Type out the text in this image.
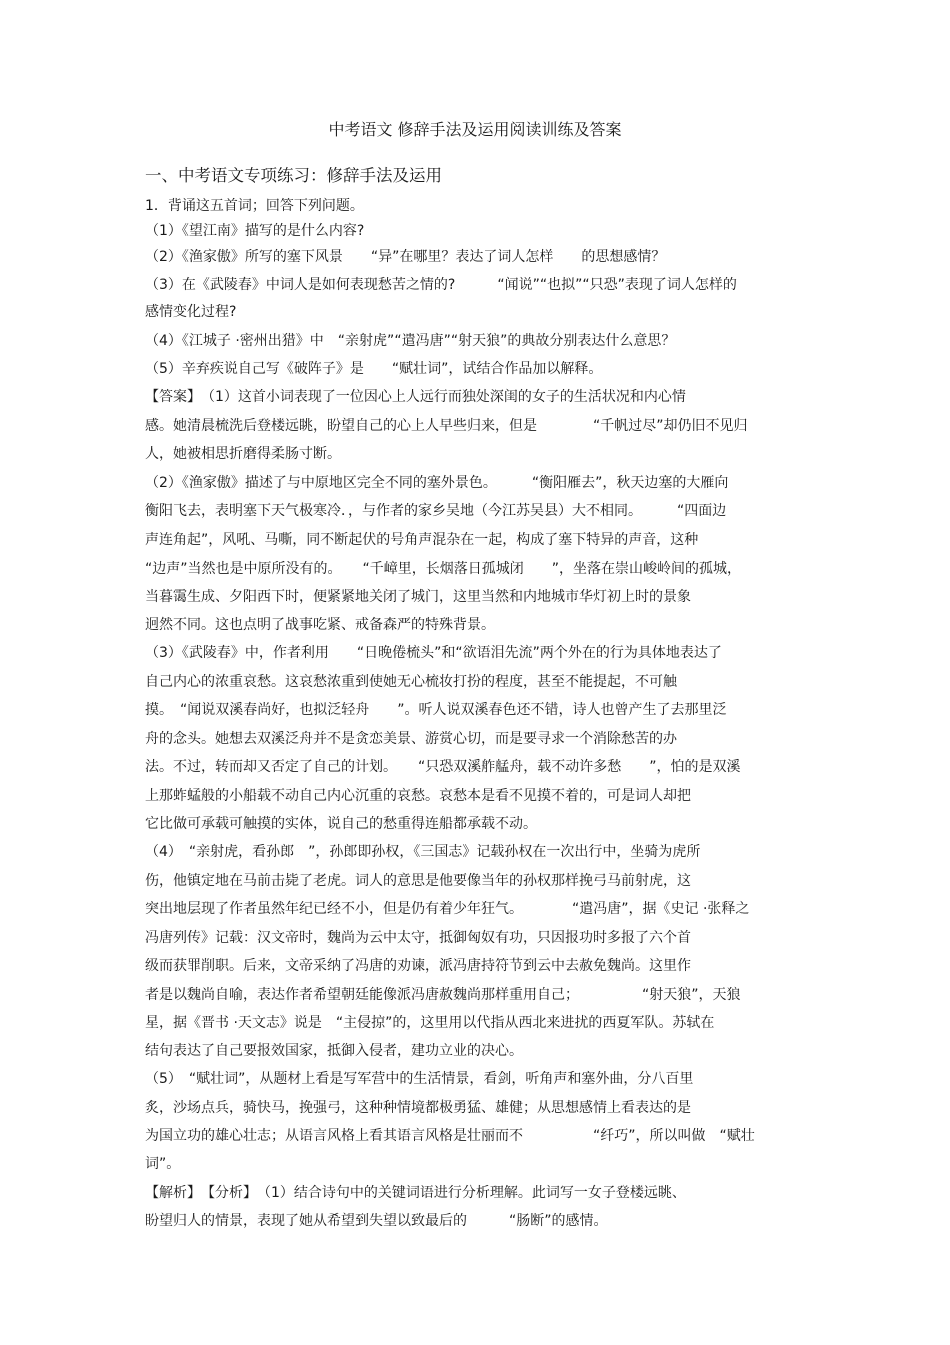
中考语文 修辞手法及运用阅读训练及答案
一、中考语文专项练习：修辞手法及运用
1．背诵这五首词；回答下列问题。
（1）《望江南》描写的是什么内容?
（2）《渔家傲》所写的塞下风景　　“异”在哪里？表达了词人怎样　　的思想感情？
（3）在《武陵春》中词人是如何表现愁苦之情的?　　　“闻说”“也拟”“只恐”表现了词人怎样的
感情变化过程?
（4）《江城子 ·密州出猎》中　“亲射虎”“遣冯唐”“射天狼”的典故分别表达什么意思？
（5）辛弃疾说自己写《破阵子》是　　“赋壮词”，试结合作品加以解释。
【答案】　（1）这首小词表现了一位因心上人远行而独处深闺的女子的生活状况和内心情
感。她清晨梳洗后登楼远眺，盼望自己的心上人早些归来，但是　　　　“千帆过尽”却仍旧不见归
人，她被相思折磨得柔肠寸断。
（2）《渔家傲》描述了与中原地区完全不同的塞外景色。　　　“衡阳雁去”，秋天边塞的大雁向
衡阳飞去，表明塞下天气极寒冷．，与作者的家乡吴地（今江苏吴县）大不相同。　　　“四面边
声连角起”，风吼、马嘶，同不断起伏的号角声混杂在一起，构成了塞下特异的声音，这种
“边声”当然也是中原所没有的。　　“千嶂里，长烟落日孤城闭　　”，坐落在崇山峻岭间的孤城，
当暮霭生成、夕阳西下时，便紧紧地关闭了城门，这里当然和内地城市华灯初上时的景象
迥然不同。这也点明了战事吃紧、戒备森严的特殊背景。
（3）《武陵春》中，作者利用　　“日晚倦梳头”和“欲语泪先流”两个外在的行为具体地表达了
自己内心的浓重哀愁。这哀愁浓重到使她无心梳妆打扮的程度，甚至不能提起，不可触
摸。　“闻说双溪春尚好，也拟泛轻舟　　”。听人说双溪春色还不错，诗人也曾产生了去那里泛
舟的念头。她想去双溪泛舟并不是贪恋美景、游赏心切，而是要寻求一个消除愁苦的办
法。不过，转而却又否定了自己的计划。　　“只恐双溪舴艋舟，载不动许多愁　　”，怕的是双溪
上那蚱蜢般的小船载不动自己内心沉重的哀愁。哀愁本是看不见摸不着的，可是词人却把
它比做可承载可触摸的实体，说自己的愁重得连船都承载不动。
（4）　“亲射虎，看孙郎　”，孙郎即孙权，《三国志》记载孙权在一次出行中，坐骑为虎所
伤，他镇定地在马前击毙了老虎。词人的意思是他要像当年的孙权那样挽弓马前射虎，这
突出地层现了作者虽然年纪已经不小，但是仍有着少年狂气。　　　　“遣冯唐”，据《史记 ·张释之
冯唐列传》记载：汉文帝时，魏尚为云中太守，抵御匈奴有功，只因报功时多报了六个首
级而获罪削职。后来，文帝采纳了冯唐的劝谏，派冯唐持符节到云中去赦免魏尚。这里作
者是以魏尚自喻，表达作者希望朝廷能像派冯唐赦魏尚那样重用自己；　　　　　“射天狼”，天狼
星，据《晋书 ·天文志》说是　“主侵掠”的，这里用以代指从西北来进扰的西夏军队。苏轼在
结句表达了自己要报效国家，抵御入侵者，建功立业的决心。
（5）　“赋壮词”，从题材上看是写军营中的生活情景，看剑，听角声和塞外曲，分八百里
炙，沙场点兵，骑快马，挽强弓，这种种情境都极勇猛、雄健；从思想感情上看表达的是
为国立功的雄心壮志；从语言风格上看其语言风格是壮丽而不　　　　　“纤巧”，所以叫做　“赋壮
词”。
【解析】　【分析】　（1）结合诗句中的关键词语进行分析理解。此词写一女子登楼远眺、
盼望归人的情景，表现了她从希望到失望以致最后的　　　“肠断”的感情。
